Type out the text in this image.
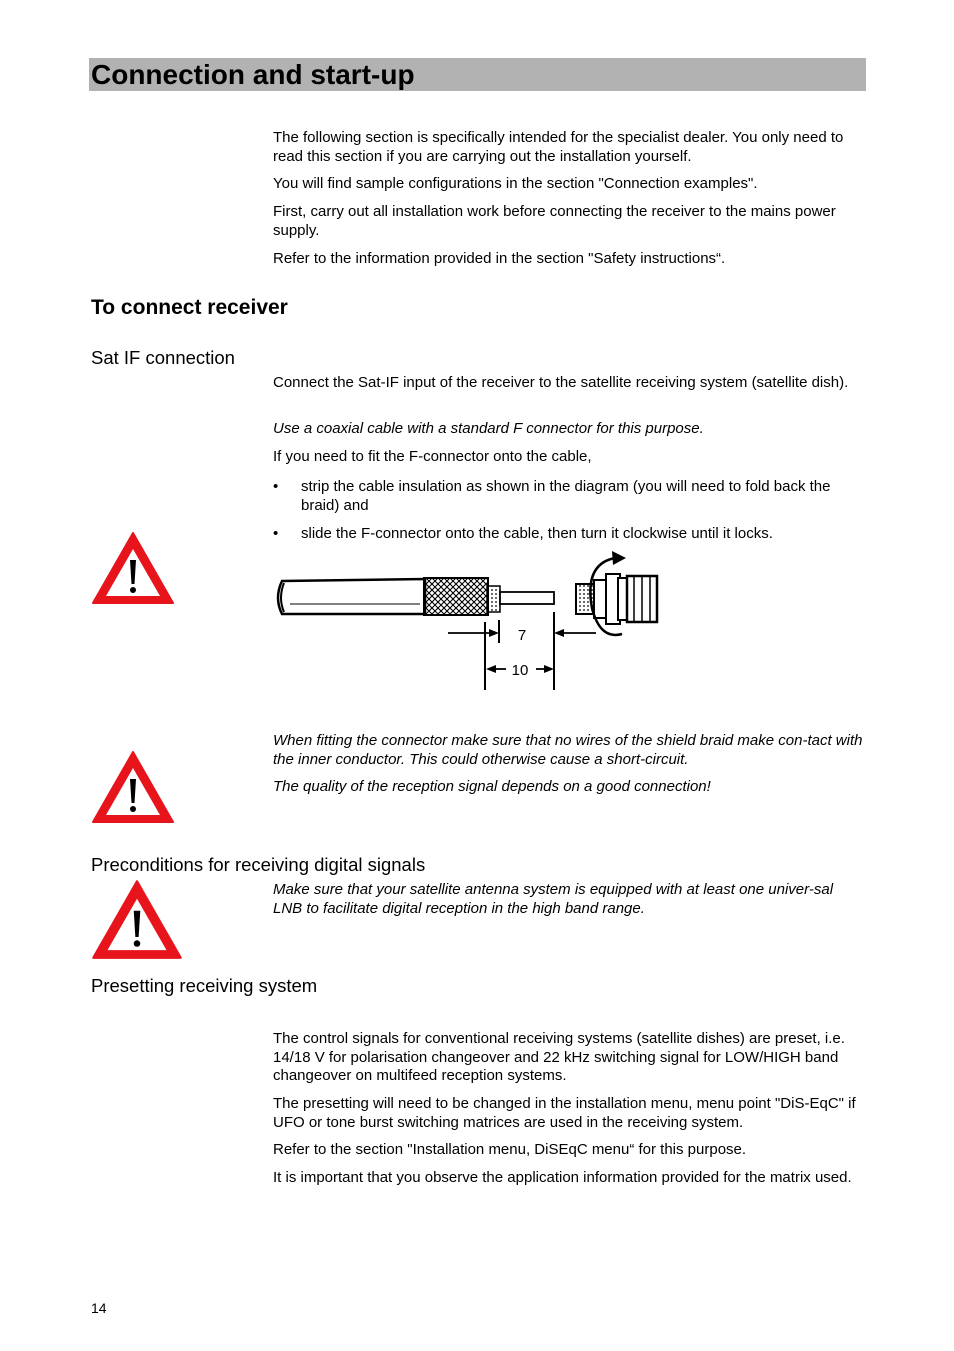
Connection and start-up

The following section is specifically intended for the specialist dealer. You only need to read this section if you are carrying out the installation yourself.

You will find sample configurations in the section "Connection examples".

First, carry out all installation work before connecting the receiver to the mains power supply.

Refer to the information provided in the section "Safety instructions“.

To connect receiver
Sat IF connection

Connect the Sat-IF input of the receiver to the satellite receiving system (satellite dish).

Use a coaxial cable with a standard F connector for this purpose.

If you need to fit the F-connector onto the cable,

• strip the cable insulation as shown in the diagram (you will need to fold back the braid) and
• slide the F-connector onto the cable, then turn it clockwise until it locks.
7
10

When fitting the connector make sure that no wires of the shield braid make con-tact with the inner conductor. This could otherwise cause a short-circuit.

The quality of the reception signal depends on a good connection!

Preconditions for receiving digital signals

Make sure that your satellite antenna system is equipped with at least one univer-sal LNB to facilitate digital reception in the high band range.

Presetting receiving system

The control signals for conventional receiving systems (satellite dishes) are preset, i.e. 14/18 V for polarisation changeover and 22 kHz switching signal for LOW/HIGH band changeover on multifeed reception systems.

The presetting will need to be changed in the installation menu, menu point "DiS-EqC" if UFO or tone burst switching matrices are used in the receiving system.

Refer to the section "Installation menu, DiSEqC menu“ for this purpose.

It is important that you observe the application information provided for the matrix used.

14
